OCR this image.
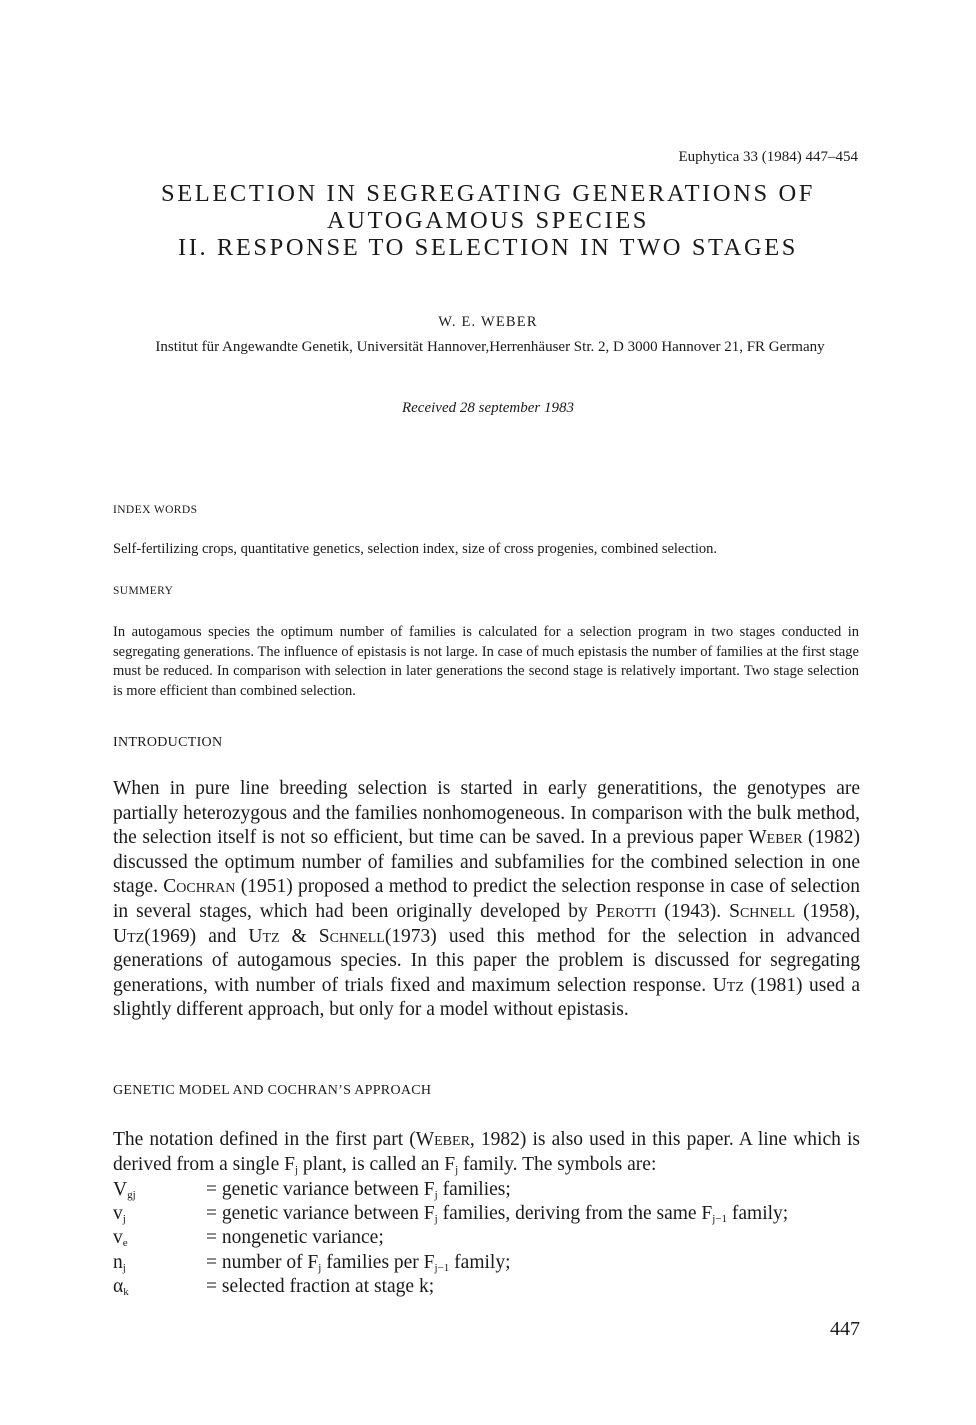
Euphytica 33 (1984) 447–454
SELECTION IN SEGREGATING GENERATIONS OF
AUTOGAMOUS SPECIES
II. RESPONSE TO SELECTION IN TWO STAGES
W. E. WEBER
Institut für Angewandte Genetik, Universität Hannover,Herrenhäuser Str. 2, D 3000 Hannover 21, FR Germany
Received 28 september 1983
INDEX WORDS
Self-fertilizing crops, quantitative genetics, selection index, size of cross progenies, combined selection.
SUMMERY
In autogamous species the optimum number of families is calculated for a selection program in two stages conducted in segregating generations. The influence of epistasis is not large. In case of much epistasis the number of families at the first stage must be reduced. In comparison with selection in later generations the second stage is relatively important. Two stage selection is more efficient than combined selection.
INTRODUCTION
When in pure line breeding selection is started in early generatitions, the genotypes are partially heterozygous and the families nonhomogeneous. In comparison with the bulk method, the selection itself is not so efficient, but time can be saved. In a previous paper Weber (1982) discussed the optimum number of families and subfamilies for the combined selection in one stage. Cochran (1951) proposed a method to predict the selection response in case of selection in several stages, which had been originally developed by Perotti (1943). Schnell (1958), Utz(1969) and Utz & Schnell(1973) used this method for the selection in advanced generations of autogamous species. In this paper the problem is discussed for segregating generations, with number of trials fixed and maximum selection response. Utz (1981) used a slightly different approach, but only for a model without epistasis.
GENETIC MODEL AND COCHRAN’S APPROACH
The notation defined in the first part (Weber, 1982) is also used in this paper. A line which is derived from a single $F_j$ plant, is called an $F_j$ family. The symbols are:
$V_{gj}$	= genetic variance between $F_j$ families;
$v_j$	= genetic variance between $F_j$ families, deriving from the same $F_{j-1}$ family;
$v_e$	= nongenetic variance;
$n_j$	= number of $F_j$ families per $F_{j-1}$ family;
$\alpha_k$	= selected fraction at stage k;
447
